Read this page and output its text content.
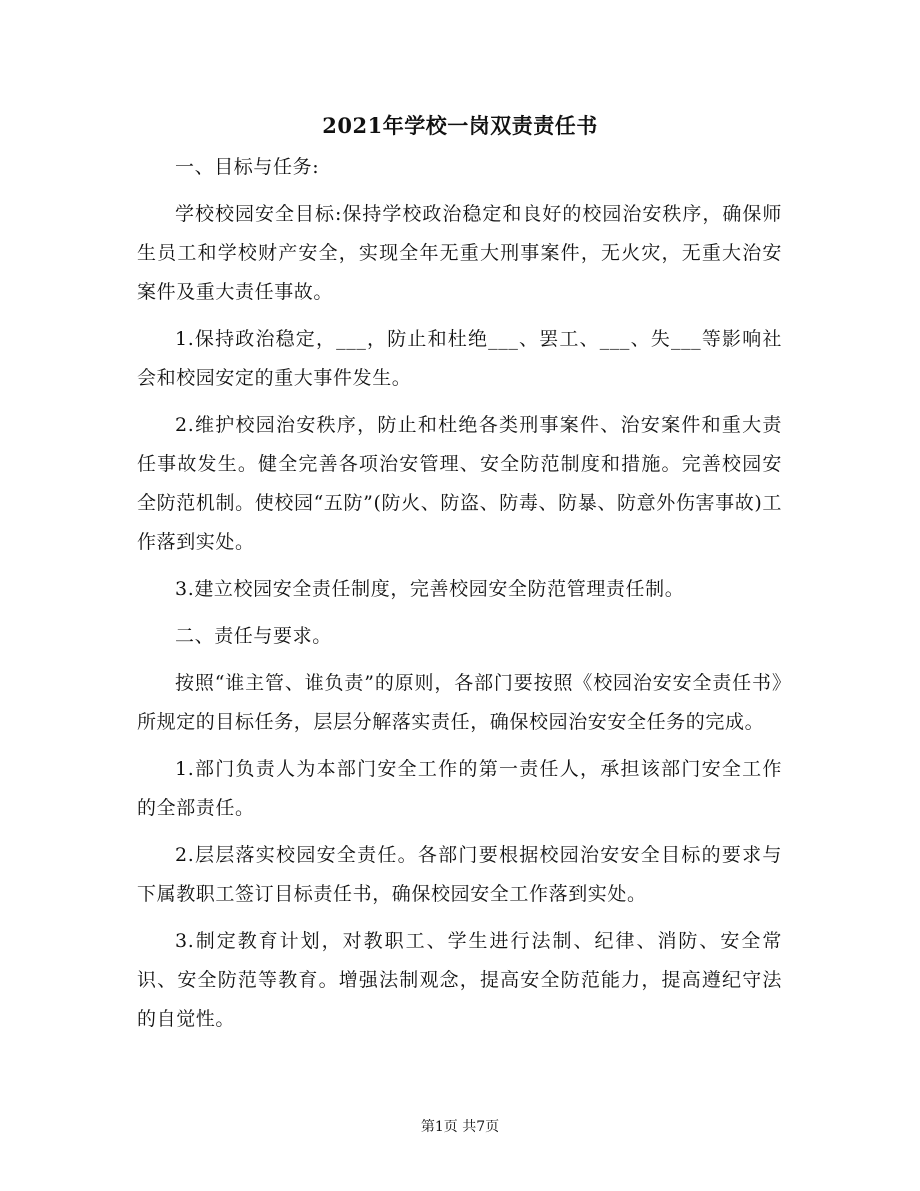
2021年学校一岗双责责任书

一、目标与任务:

学校校园安全目标:保持学校政治稳定和良好的校园治安秩序，确保师生员工和学校财产安全，实现全年无重大刑事案件，无火灾，无重大治安案件及重大责任事故。

1.保持政治稳定，___，防止和杜绝___、罢工、___、失___等影响社会和校园安定的重大事件发生。

2.维护校园治安秩序，防止和杜绝各类刑事案件、治安案件和重大责任事故发生。健全完善各项治安管理、安全防范制度和措施。完善校园安全防范机制。使校园“五防”(防火、防盗、防毒、防暴、防意外伤害事故)工作落到实处。

3.建立校园安全责任制度，完善校园安全防范管理责任制。

二、责任与要求。

按照“谁主管、谁负责”的原则，各部门要按照《校园治安安全责任书》所规定的目标任务，层层分解落实责任，确保校园治安安全任务的完成。

1.部门负责人为本部门安全工作的第一责任人，承担该部门安全工作的全部责任。

2.层层落实校园安全责任。各部门要根据校园治安安全目标的要求与下属教职工签订目标责任书，确保校园安全工作落到实处。

3.制定教育计划，对教职工、学生进行法制、纪律、消防、安全常识、安全防范等教育。增强法制观念，提高安全防范能力，提高遵纪守法的自觉性。

第1页 共7页
